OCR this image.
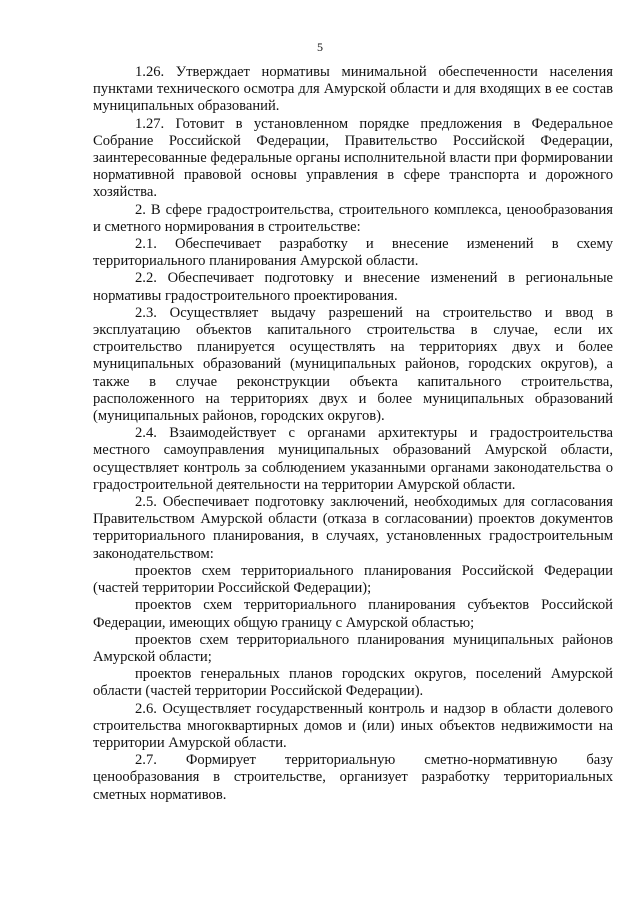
5

1.26. Утверждает нормативы минимальной обеспеченности населения пунктами технического осмотра для Амурской области и для входящих в ее состав муниципальных образований.

1.27. Готовит в установленном порядке предложения в Федеральное Собрание Российской Федерации, Правительство Российской Федерации, заинтересованные федеральные органы исполнительной власти при формировании нормативной правовой основы управления в сфере транспорта и дорожного хозяйства.

2. В сфере градостроительства, строительного комплекса, ценообразования и сметного нормирования в строительстве:

2.1. Обеспечивает разработку и внесение изменений в схему территориального планирования Амурской области.

2.2. Обеспечивает подготовку и внесение изменений в региональные нормативы градостроительного проектирования.

2.3. Осуществляет выдачу разрешений на строительство и ввод в эксплуатацию объектов капитального строительства в случае, если их строительство планируется осуществлять на территориях двух и более муниципальных образований (муниципальных районов, городских округов), а также в случае реконструкции объекта капитального строительства, расположенного на территориях двух и более муниципальных образований (муниципальных районов, городских округов).

2.4. Взаимодействует с органами архитектуры и градостроительства местного самоуправления муниципальных образований Амурской области, осуществляет контроль за соблюдением указанными органами законодательства о градостроительной деятельности на территории Амурской области.

2.5. Обеспечивает подготовку заключений, необходимых для согласования Правительством Амурской области (отказа в согласовании) проектов документов территориального планирования, в случаях, установленных градостроительным законодательством:

проектов схем территориального планирования Российской Федерации (частей территории Российской Федерации);

проектов схем территориального планирования субъектов Российской Федерации, имеющих общую границу с Амурской областью;

проектов схем территориального планирования муниципальных районов Амурской области;

проектов генеральных планов городских округов, поселений Амурской области (частей территории Российской Федерации).

2.6. Осуществляет государственный контроль и надзор в области долевого строительства многоквартирных домов и (или) иных объектов недвижимости на территории Амурской области.

2.7. Формирует территориальную сметно-нормативную базу ценообразования в строительстве, организует разработку территориальных сметных нормативов.
